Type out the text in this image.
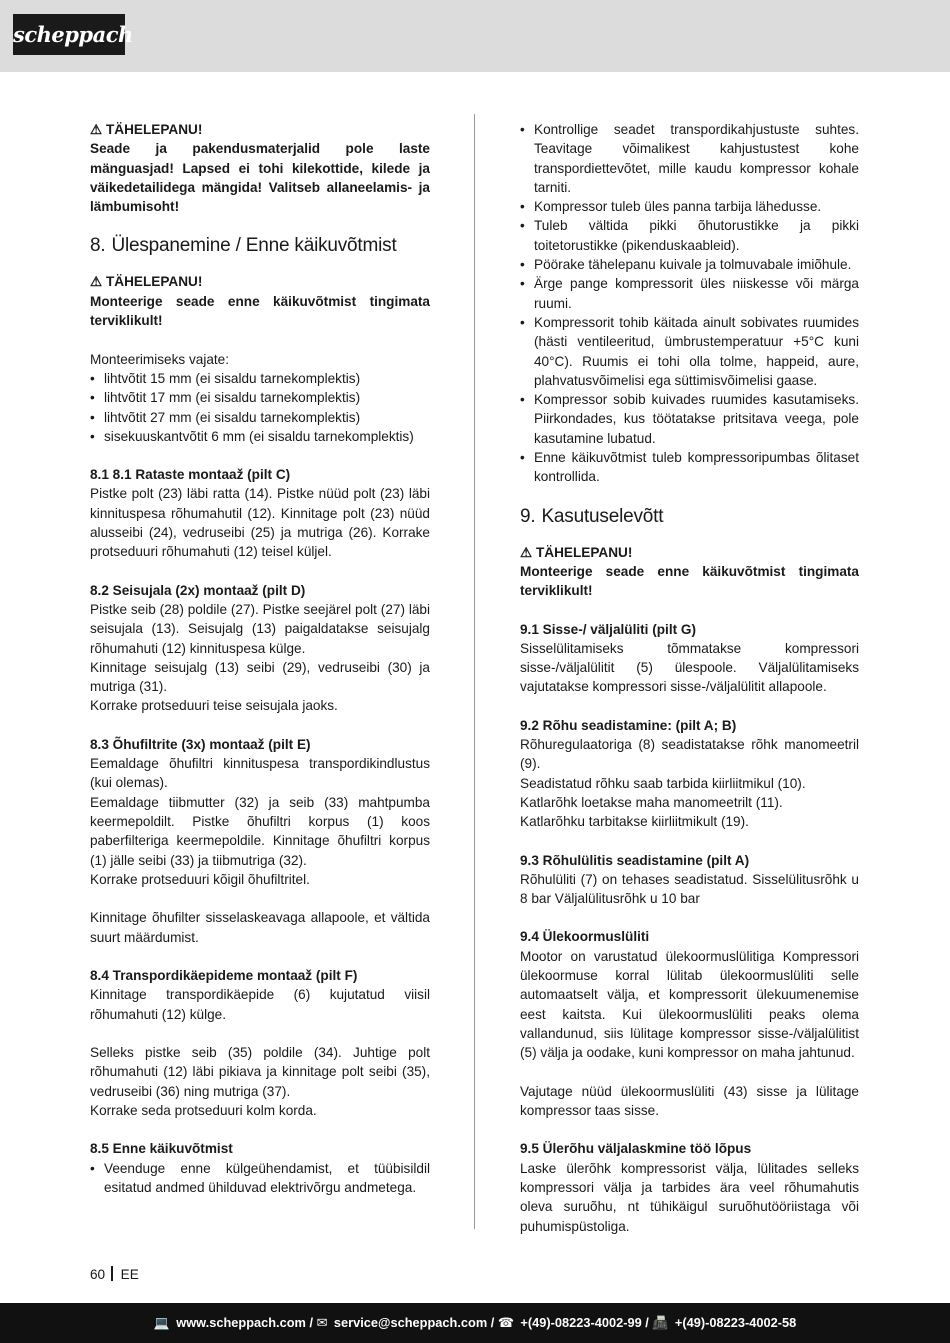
scheppach

⚠ TÄHELEPANU!

Seade ja pakendusmaterjalid pole laste mänguasjad! Lapsed ei tohi kilekottide, kilede ja väikedetailidega mängida! Valitseb allaneelamis- ja lämbumisoht!

8. Ülespanemine / Enne käikuvõtmist

⚠ TÄHELEPANU!

Monteerige seade enne käikuvõtmist tingimata terviklikult!

Monteerimiseks vajate:

• lihtvõtit 15 mm (ei sisaldu tarnekomplektis)
• lihtvõtit 17 mm (ei sisaldu tarnekomplektis)
• lihtvõtit 27 mm (ei sisaldu tarnekomplektis)
• sisekuuskantvõtit 6 mm (ei sisaldu tarnekomplektis)

8.1 8.1 Rataste montaaž (pilt C)

Pistke polt (23) läbi ratta (14). Pistke nüüd polt (23) läbi kinnituspesa rõhumahutil (12). Kinnitage polt (23) nüüd alusseibi (24), vedruseibi (25) ja mutriga (26). Korrake protseduuri rõhumahuti (12) teisel küljel.

8.2 Seisujala (2x) montaaž (pilt D)

Pistke seib (28) poldile (27). Pistke seejärel polt (27) läbi seisujala (13). Seisujalg (13) paigaldatakse seisujalg rõhumahuti (12) kinnituspesa külge.

Kinnitage seisujalg (13) seibi (29), vedruseibi (30) ja mutriga (31).

Korrake protseduuri teise seisujala jaoks.

8.3 Õhufiltrite (3x) montaaž (pilt E)

Eemaldage õhufiltri kinnituspesa transpordikindlustus (kui olemas).

Eemaldage tiibmutter (32) ja seib (33) mahtpumba keermepoldilt. Pistke õhufiltri korpus (1) koos paberfilteriga keermepoldile. Kinnitage õhufiltri korpus (1) jälle seibi (33) ja tiibmutriga (32).

Korrake protseduuri kõigil õhufiltritel.

Kinnitage õhufilter sisselaskeavaga allapoole, et vältida suurt määrdumist.

8.4 Transpordikäepideme montaaž (pilt F)

Kinnitage transpordikäepide (6) kujutatud viisil rõhumahuti (12) külge.

Selleks pistke seib (35) poldile (34). Juhtige polt rõhumahuti (12) läbi pikiava ja kinnitage polt seibi (35), vedruseibi (36) ning mutriga (37).

Korrake seda protseduuri kolm korda.

8.5 Enne käikuvõtmist

• Veenduge enne külgeühendamist, et tüübisildil esitatud andmed ühilduvad elektrivõrgu andmetega.
• Kontrollige seadet transpordikahjustuste suhtes. Teavitage võimalikest kahjustustest kohe transpordiettevõtet, mille kaudu kompressor kohale tarniti.
• Kompressor tuleb üles panna tarbija lähedusse.
• Tuleb vältida pikki õhutorustikke ja pikki toitetorustikke (pikenduskaableid).
• Pöörake tähelepanu kuivale ja tolmuvabale imiõhule.
• Ärge pange kompressorit üles niiskesse või märga ruumi.
• Kompressorit tohib käitada ainult sobivates ruumides (hästi ventileeritud, ümbrustemperatuur +5°C kuni 40°C). Ruumis ei tohi olla tolme, happeid, aure, plahvatusvõimelisi ega süttimisvõimelisi gaase.
• Kompressor sobib kuivades ruumides kasutamiseks. Piirkondades, kus töötatakse pritsitava veega, pole kasutamine lubatud.
• Enne käikuvõtmist tuleb kompressoripumbas õlitaset kontrollida.
9. Kasutuselevõtt

⚠ TÄHELEPANU!

Monteerige seade enne käikuvõtmist tingimata terviklikult!

9.1 Sisse-/ väljalüliti (pilt G)

Sisselülitamiseks tõmmatakse kompressori sisse-/väljalülitit (5) ülespoole. Väljalülitamiseks vajutatakse kompressori sisse-/väljalülitit allapoole.

9.2 Rõhu seadistamine: (pilt A; B)

Rõhuregulaatoriga (8) seadistatakse rõhk manomeetril (9).

Seadistatud rõhku saab tarbida kiirliitmikul (10).

Katlarõhk loetakse maha manomeetrilt (11).

Katlarõhku tarbitakse kiirliitmikult (19).

9.3 Rõhulülitis seadistamine (pilt A)

Rõhulüliti (7) on tehases seadistatud. Sisselülitusrõhk u 8 bar Väljalülitusrõhk u 10 bar

9.4 Ülekoormuslüliti

Mootor on varustatud ülekoormuslülitiga Kompressori ülekoormuse korral lülitab ülekoormuslüliti selle automaatselt välja, et kompressorit ülekuumenemise eest kaitsta. Kui ülekoormuslüliti peaks olema vallandunud, siis lülitage kompressor sisse-/väljalülitist (5) välja ja oodake, kuni kompressor on maha jahtunud.

Vajutage nüüd ülekoormuslüliti (43) sisse ja lülitage kompressor taas sisse.

9.5 Ülerõhu väljalaskmine töö lõpus

Laske ülerõhk kompressorist välja, lülitades selleks kompressori välja ja tarbides ära veel rõhumahutis oleva suruõhu, nt tühikäigul suruõhutööriistaga või puhumispüstoliga.

60 EE
💻 www.scheppach.com / ✉ service@scheppach.com / ☎ +(49)-08223-4002-99 / 📠 +(49)-08223-4002-58
